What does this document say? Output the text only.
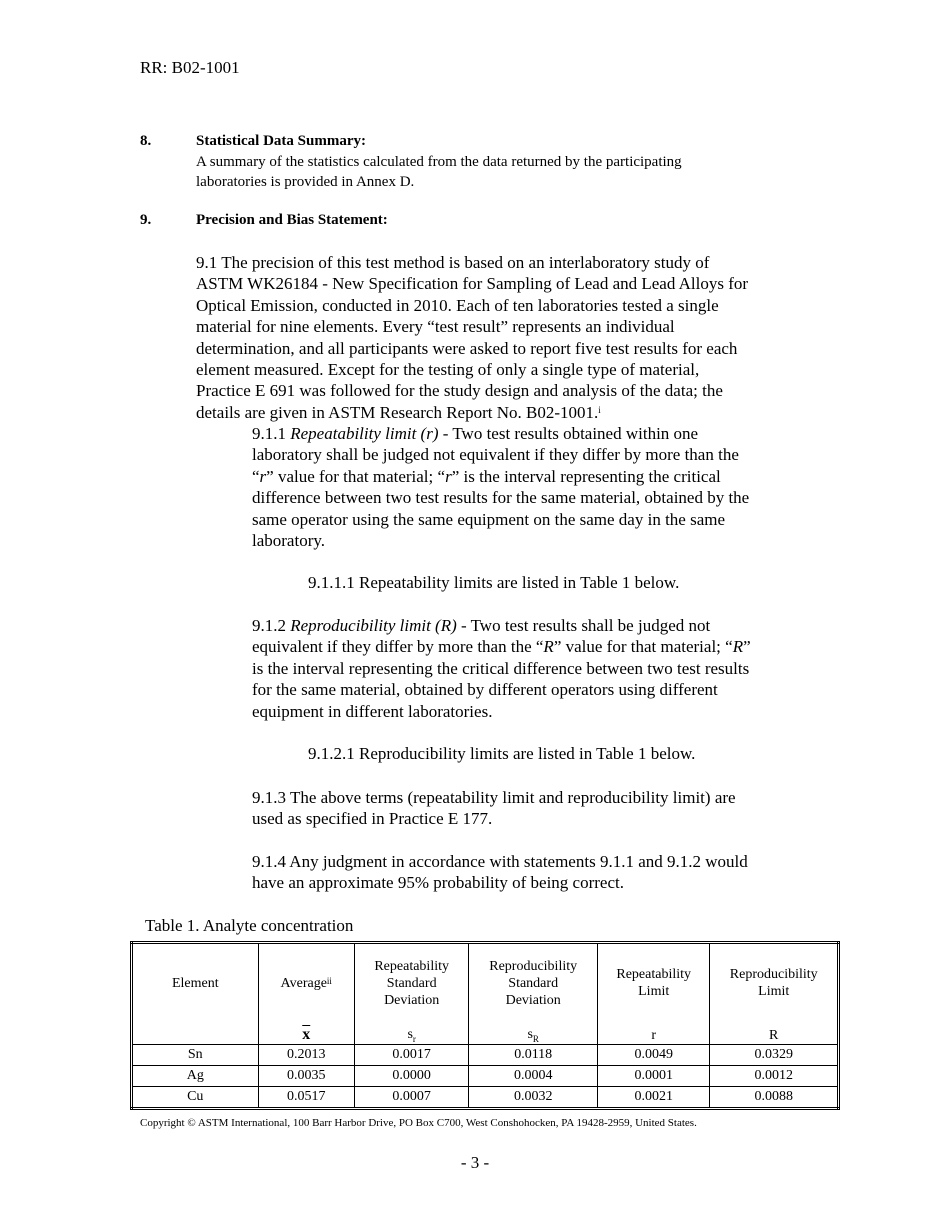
RR: B02-1001
8.	Statistical Data Summary:

A summary of the statistics calculated from the data returned by the participating

laboratories is provided in Annex D.

9.	Precision and Bias Statement:

9.1 The precision of this test method is based on an interlaboratory study of

ASTM WK26184 - New Specification for Sampling of Lead and Lead Alloys for

Optical Emission, conducted in 2010. Each of ten laboratories tested a single

material for nine elements. Every “test result” represents an individual

determination, and all participants were asked to report five test results for each

element measured. Except for the testing of only a single type of material,

Practice E 691 was followed for the study design and analysis of the data; the

details are given in ASTM Research Report No. B02-1001.$^i$

9.1.1 Repeatability limit (r) - Two test results obtained within one

laboratory shall be judged not equivalent if they differ by more than the

“r” value for that material; “r” is the interval representing the critical

difference between two test results for the same material, obtained by the

same operator using the same equipment on the same day in the same

laboratory.

9.1.1.1 Repeatability limits are listed in Table 1 below.

9.1.2 Reproducibility limit (R) - Two test results shall be judged not

equivalent if they differ by more than the “R” value for that material; “R”

is the interval representing the critical difference between two test results

for the same material, obtained by different operators using different

equipment in different laboratories.

9.1.2.1 Reproducibility limits are listed in Table 1 below.

9.1.3 The above terms (repeatability limit and reproducibility limit) are

used as specified in Practice E 177.

9.1.4 Any judgment in accordance with statements 9.1.1 and 9.1.2 would

have an approximate 95% probability of being correct.

Table 1. Analyte concentration
Element	Average$^{ii}$	Repeatability
Standard
Deviation	Reproducibility
Standard
Deviation	Repeatability
Limit	Reproducibility
Limit
	$\overline{x}$	$s_r$	$s_R$	r	R
Sn	0.2013	0.0017	0.0118	0.0049	0.0329
Ag	0.0035	0.0000	0.0004	0.0001	0.0012
Cu	0.0517	0.0007	0.0032	0.0021	0.0088
Copyright © ASTM International, 100 Barr Harbor Drive, PO Box C700, West Conshohocken, PA 19428-2959, United States.
- 3 -
